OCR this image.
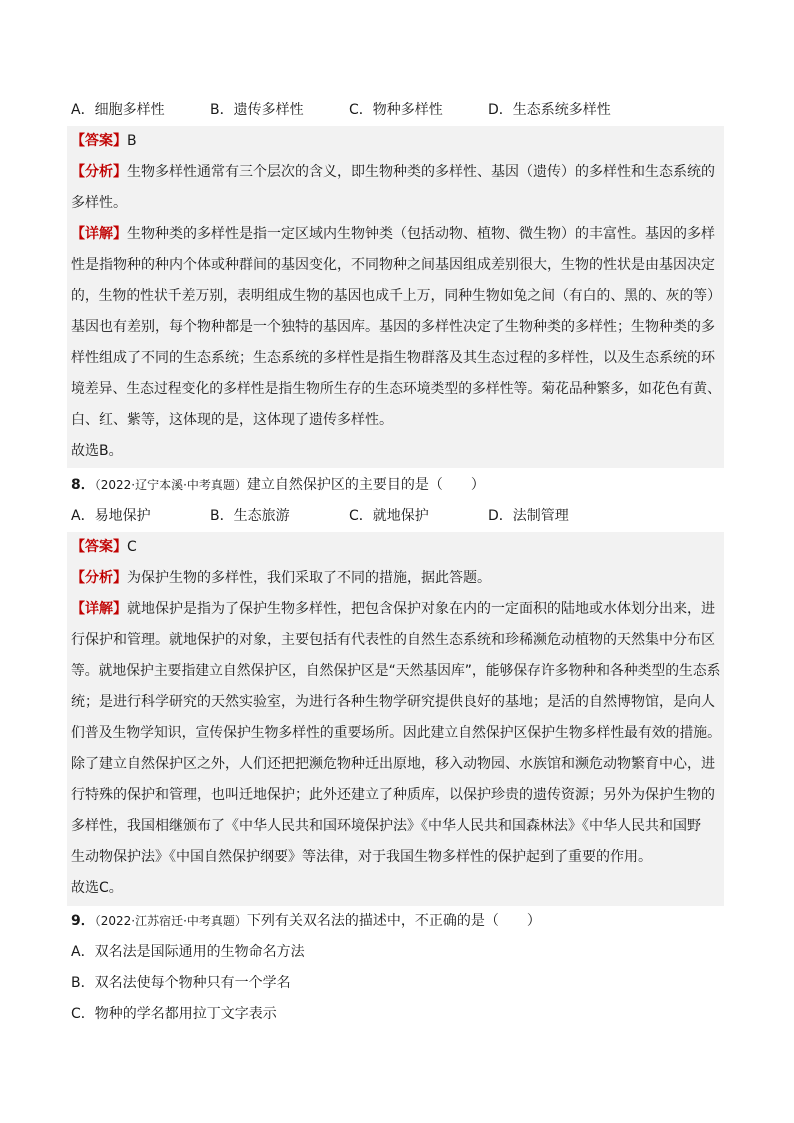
A．细胞多样性	B．遗传多样性	C．物种多样性	D．生态系统多样性
【答案】B
【分析】生物多样性通常有三个层次的含义，即生物种类的多样性、基因（遗传）的多样性和生态系统的
多样性。
【详解】生物种类的多样性是指一定区域内生物钟类（包括动物、植物、微生物）的丰富性。基因的多样
性是指物种的种内个体或种群间的基因变化，不同物种之间基因组成差别很大，生物的性状是由基因决定
的，生物的性状千差万别，表明组成生物的基因也成千上万，同种生物如兔之间（有白的、黑的、灰的等）
基因也有差别，每个物种都是一个独特的基因库。基因的多样性决定了生物种类的多样性；生物种类的多
样性组成了不同的生态系统；生态系统的多样性是指生物群落及其生态过程的多样性，以及生态系统的环
境差异、生态过程变化的多样性是指生物所生存的生态环境类型的多样性等。菊花品种繁多，如花色有黄、
白、红、紫等，这体现的是，这体现了遗传多样性。
故选B。
8．（2022·辽宁本溪·中考真题）建立自然保护区的主要目的是（　　）
A．易地保护	B．生态旅游	C．就地保护	D．法制管理
【答案】C
【分析】为保护生物的多样性，我们采取了不同的措施，据此答题。
【详解】就地保护是指为了保护生物多样性，把包含保护对象在内的一定面积的陆地或水体划分出来，进
行保护和管理。就地保护的对象，主要包括有代表性的自然生态系统和珍稀濒危动植物的天然集中分布区
等。就地保护主要指建立自然保护区，自然保护区是“天然基因库”，能够保存许多物种和各种类型的生态系
统；是进行科学研究的天然实验室，为进行各种生物学研究提供良好的基地；是活的自然博物馆，是向人
们普及生物学知识，宣传保护生物多样性的重要场所。因此建立自然保护区保护生物多样性最有效的措施。
除了建立自然保护区之外，人们还把把濒危物种迁出原地，移入动物园、水族馆和濒危动物繁育中心，进
行特殊的保护和管理，也叫迁地保护；此外还建立了种质库，以保护珍贵的遗传资源；另外为保护生物的
多样性，我国相继颁布了《中华人民共和国环境保护法》《中华人民共和国森林法》《中华人民共和国野
生动物保护法》《中国自然保护纲要》等法律，对于我国生物多样性的保护起到了重要的作用。
故选C。
9．（2022·江苏宿迁·中考真题）下列有关双名法的描述中，不正确的是（　　）
A．双名法是国际通用的生物命名方法
B．双名法使每个物种只有一个学名
C．物种的学名都用拉丁文字表示
